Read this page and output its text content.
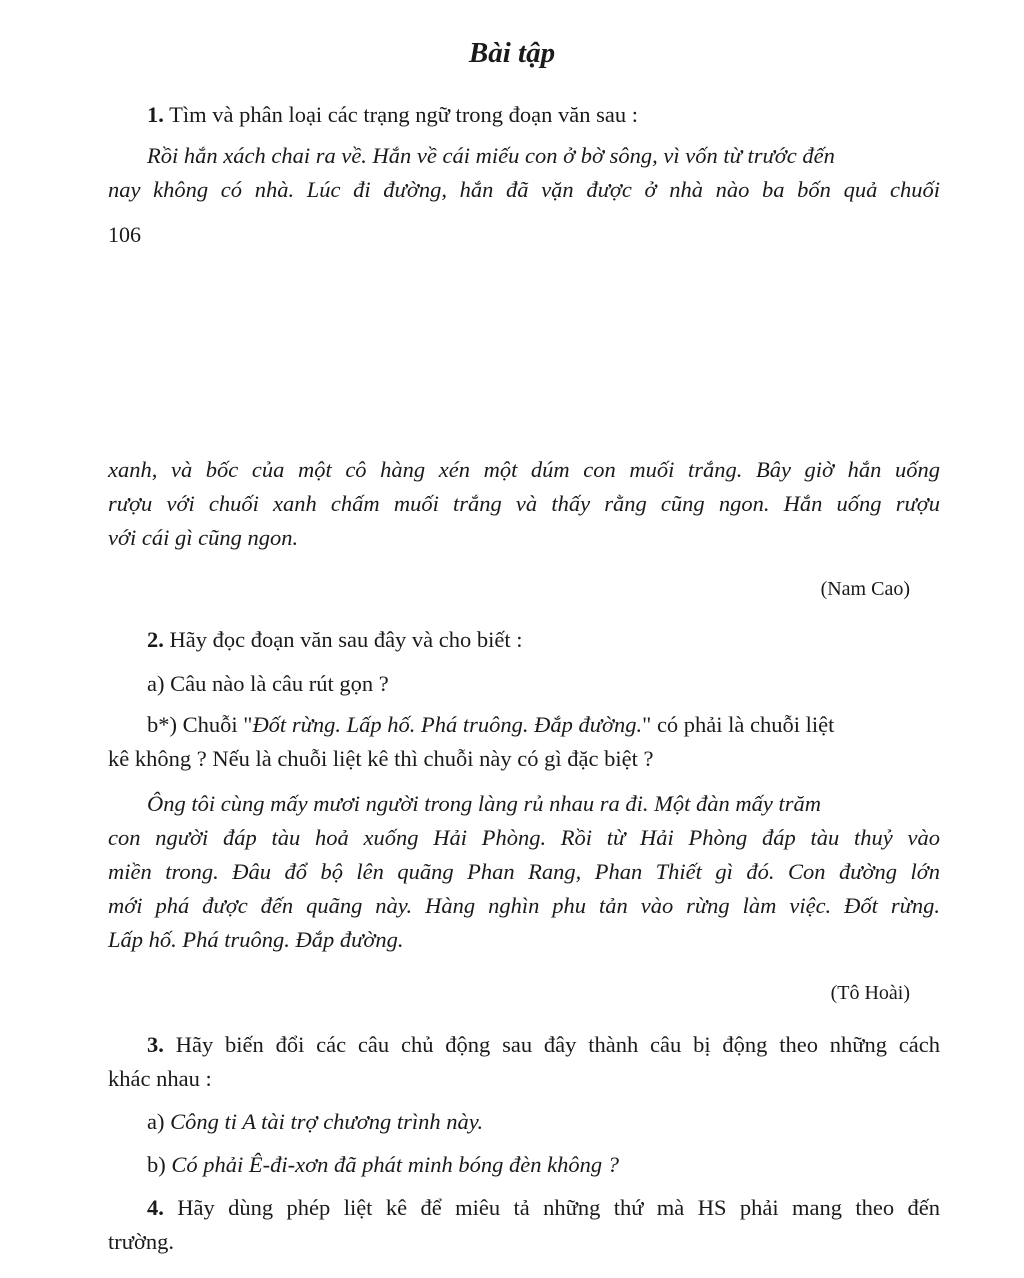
Bài tập
1. Tìm và phân loại các trạng ngữ trong đoạn văn sau :
Rồi hắn xách chai ra về. Hắn về cái miếu con ở bờ sông, vì vốn từ trước đến
nay không có nhà. Lúc đi đường, hắn đã vặn được ở nhà nào ba bốn quả chuối
106
xanh, và bốc của một cô hàng xén một dúm con muối trắng. Bây giờ hắn uống
rượu với chuối xanh chấm muối trắng và thấy rằng cũng ngon. Hắn uống rượu
với cái gì cũng ngon.
(Nam Cao)
2. Hãy đọc đoạn văn sau đây và cho biết :
a) Câu nào là câu rút gọn ?
b*) Chuỗi "Đốt rừng. Lấp hố. Phá truông. Đắp đường." có phải là chuỗi liệt
kê không ? Nếu là chuỗi liệt kê thì chuỗi này có gì đặc biệt ?
Ông tôi cùng mấy mươi người trong làng rủ nhau ra đi. Một đàn mấy trăm
con người đáp tàu hoả xuống Hải Phòng. Rồi từ Hải Phòng đáp tàu thuỷ vào
miền trong. Đâu đổ bộ lên quãng Phan Rang, Phan Thiết gì đó. Con đường lớn
mới phá được đến quãng này. Hàng nghìn phu tản vào rừng làm việc. Đốt rừng.
Lấp hố. Phá truông. Đắp đường.
(Tô Hoài)
3. Hãy biến đổi các câu chủ động sau đây thành câu bị động theo những cách
khác nhau :
a) Công ti A tài trợ chương trình này.
b) Có phải Ê-đi-xơn đã phát minh bóng đèn không ?
4. Hãy dùng phép liệt kê để miêu tả những thứ mà HS phải mang theo đến
trường.
